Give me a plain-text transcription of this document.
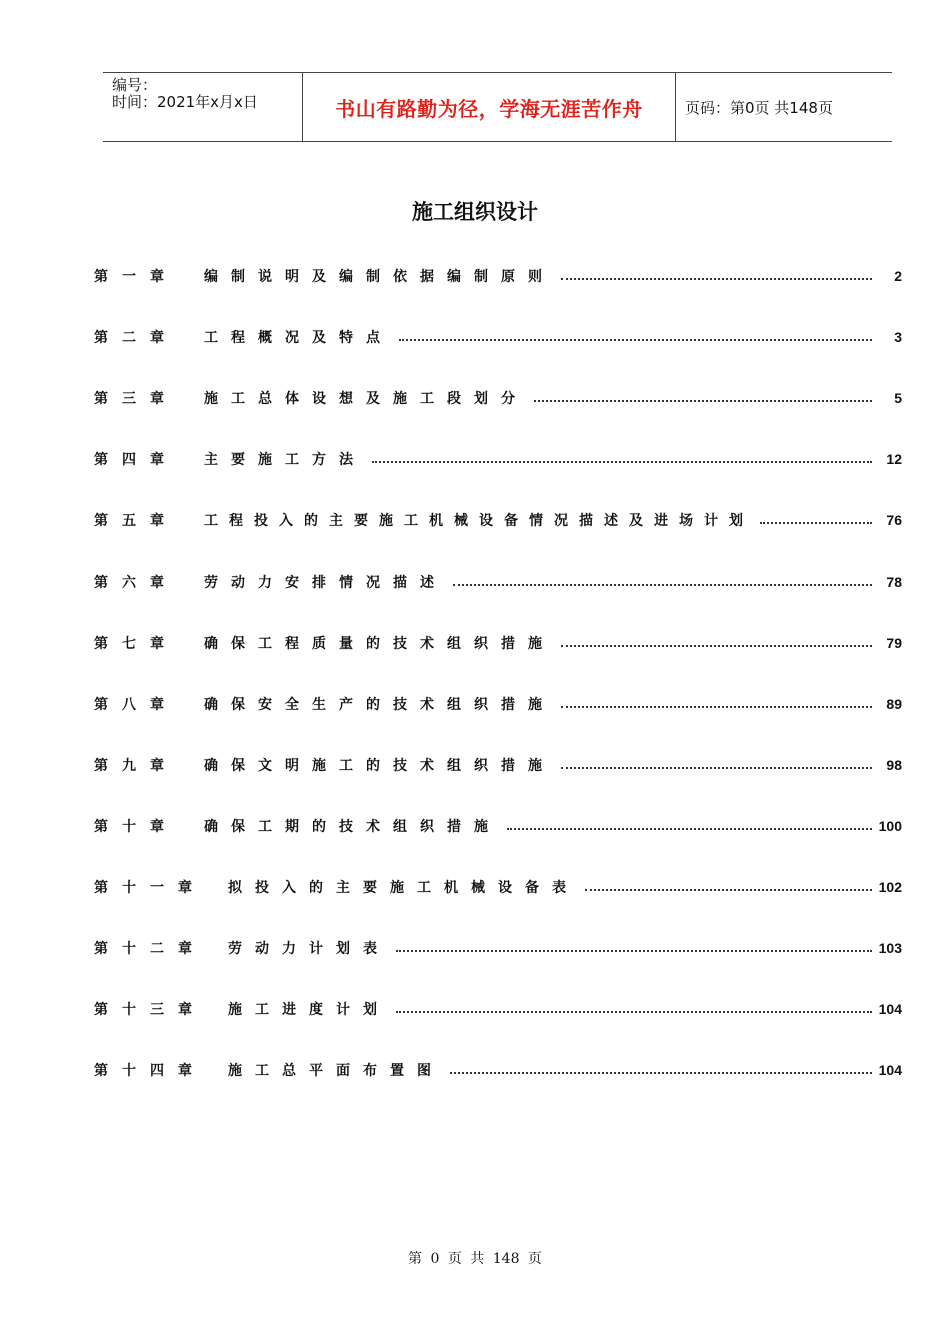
编号：
时间：2021年x月x日	书山有路勤为径，学海无涯苦作舟	页码：第0页 共148页
施工组织设计
第一章 编制说明及编制依据编制原则	2
第二章 工程概况及特点	3
第三章 施工总体设想及施工段划分	5
第四章 主要施工方法	12
第五章 工程投入的主要施工机械设备情况描述及进场计划	76
第六章 劳动力安排情况描述	78
第七章 确保工程质量的技术组织措施	79
第八章 确保安全生产的技术组织措施	89
第九章 确保文明施工的技术组织措施	98
第十章 确保工期的技术组织措施	100
第十一章 拟投入的主要施工机械设备表	102
第十二章 劳动力计划表	103
第十三章 施工进度计划	104
第十四章 施工总平面布置图	104
第 0 页 共 148 页
